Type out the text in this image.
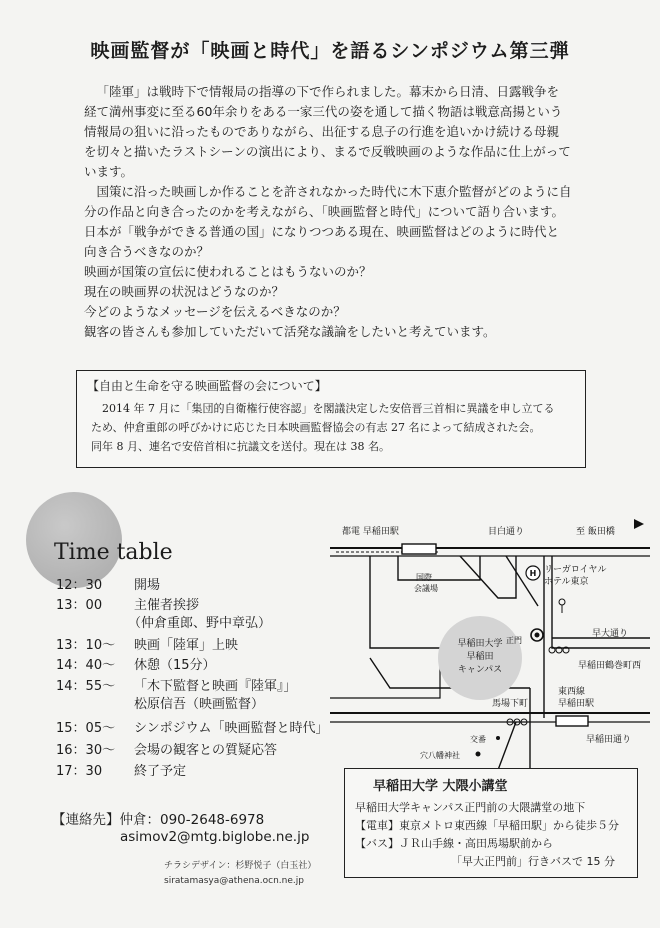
映画監督が「映画と時代」を語るシンポジウム第三弾

「陸軍」は戦時下で情報局の指導の下で作られました。幕末から日清、日露戦争を

経て満州事変に至る60年余りをある一家三代の姿を通して描く物語は戦意高揚という

情報局の狙いに沿ったものでありながら、出征する息子の行進を追いかけ続ける母親

を切々と描いたラストシーンの演出により、まるで反戦映画のような作品に仕上がって

います。

国策に沿った映画しか作ることを許されなかった時代に木下恵介監督がどのように自

分の作品と向き合ったのかを考えながら、「映画監督と時代」について語り合います。

日本が「戦争ができる普通の国」になりつつある現在、映画監督はどのように時代と

向き合うべきなのか？

映画が国策の宣伝に使われることはもうないのか？

現在の映画界の状況はどうなのか？

今どのようなメッセージを伝えるべきなのか？

観客の皆さんも参加していただいて活発な議論をしたいと考えています。

【自由と生命を守る映画監督の会について】

2014 年 7 月に「集団的自衛権行使容認」を閣議決定した安倍晋三首相に異議を申し立てる

ため、仲倉重郎の呼びかけに応じた日本映画監督協会の有志 27 名によって結成された会。

同年 8 月、連名で安倍首相に抗議文を送付。現在は 38 名。

Time table
12：30 開場
13：00 主催者挨拶
（仲倉重郎、野中章弘）
13：10～ 映画「陸軍」上映
14：40～ 休憩（15分）
14：55～ 「木下監督と映画『陸軍』」
松原信吾（映画監督）
15：05～ シンポジウム「映画監督と時代」
16：30～ 会場の観客との質疑応答
17：30 終了予定
【連絡先】仲倉：090-2648-6978
asimov2@mtg.biglobe.ne.jp
チラシデザイン：杉野悦子（白玉社）
siratamasya@athena.ocn.ne.jp
都電 早稲田駅	目白通り	至 飯田橋
早稲田大学
早稲田
キャンパス
国際
会議場
H リーガロイヤル
ホテル東京
正門
早大通り
早稲田鶴巻町西
馬場下町
東西線
早稲田駅
早稲田通り
交番
穴八幡神社
早稲田大学 大隈小講堂
早稲田大学キャンパス正門前の大隈講堂の地下
【電車】東京メトロ東西線「早稲田駅」から徒歩５分
【バス】ＪＲ山手線・高田馬場駅前から
「早大正門前」行きバスで 15 分
